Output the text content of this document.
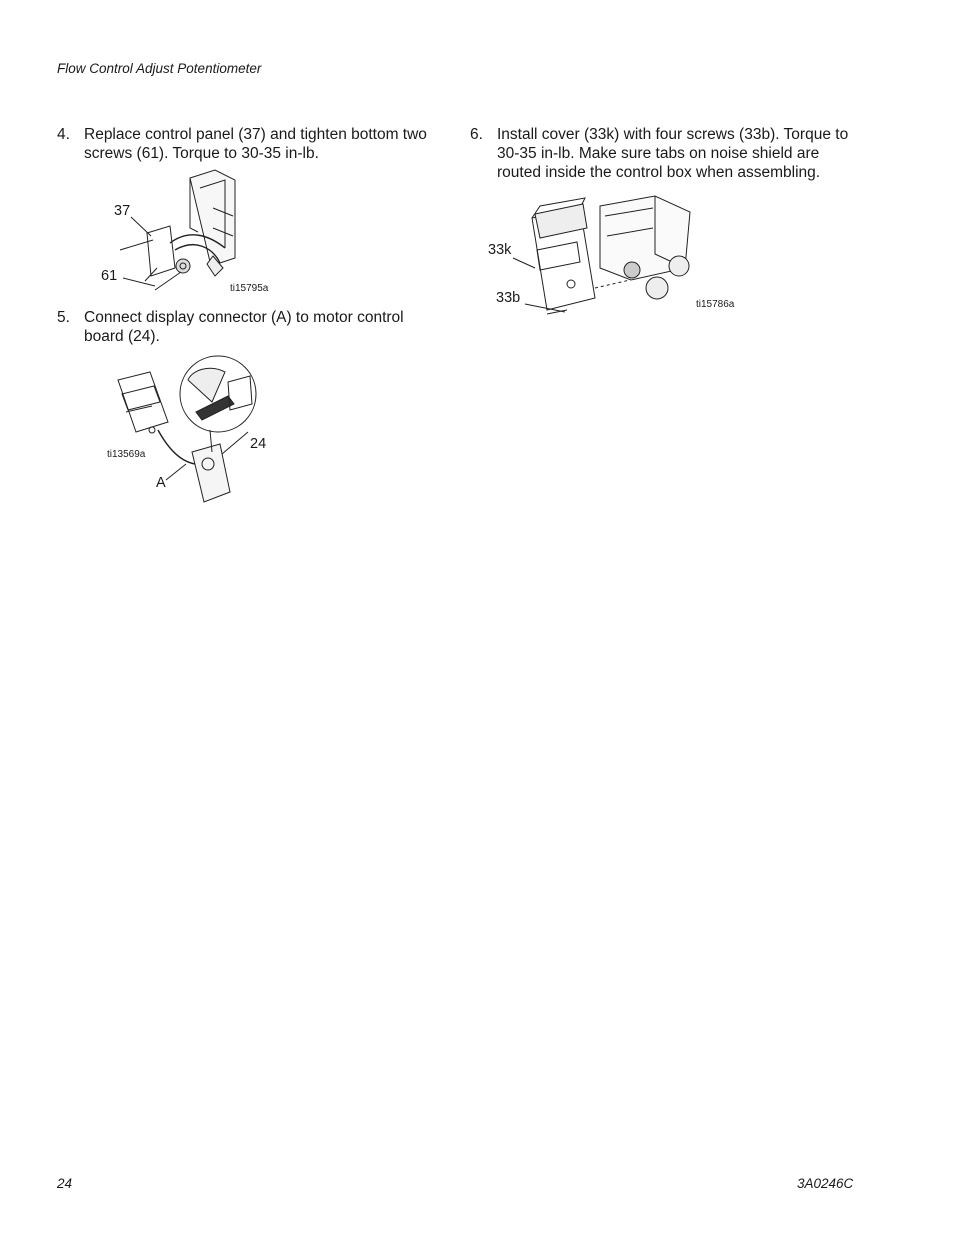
Flow Control Adjust Potentiometer
4. Replace control panel (37) and tighten bottom two
screws (61). Torque to 30-35 in-lb.
37
61
ti15795a
5. Connect display connector (A) to motor control
board (24).
24
A
ti13569a
6. Install cover (33k) with four screws (33b). Torque to
30-35 in-lb. Make sure tabs on noise shield are
routed inside the control box when assembling.
33k
33b	ti15786a
24	3A0246C
